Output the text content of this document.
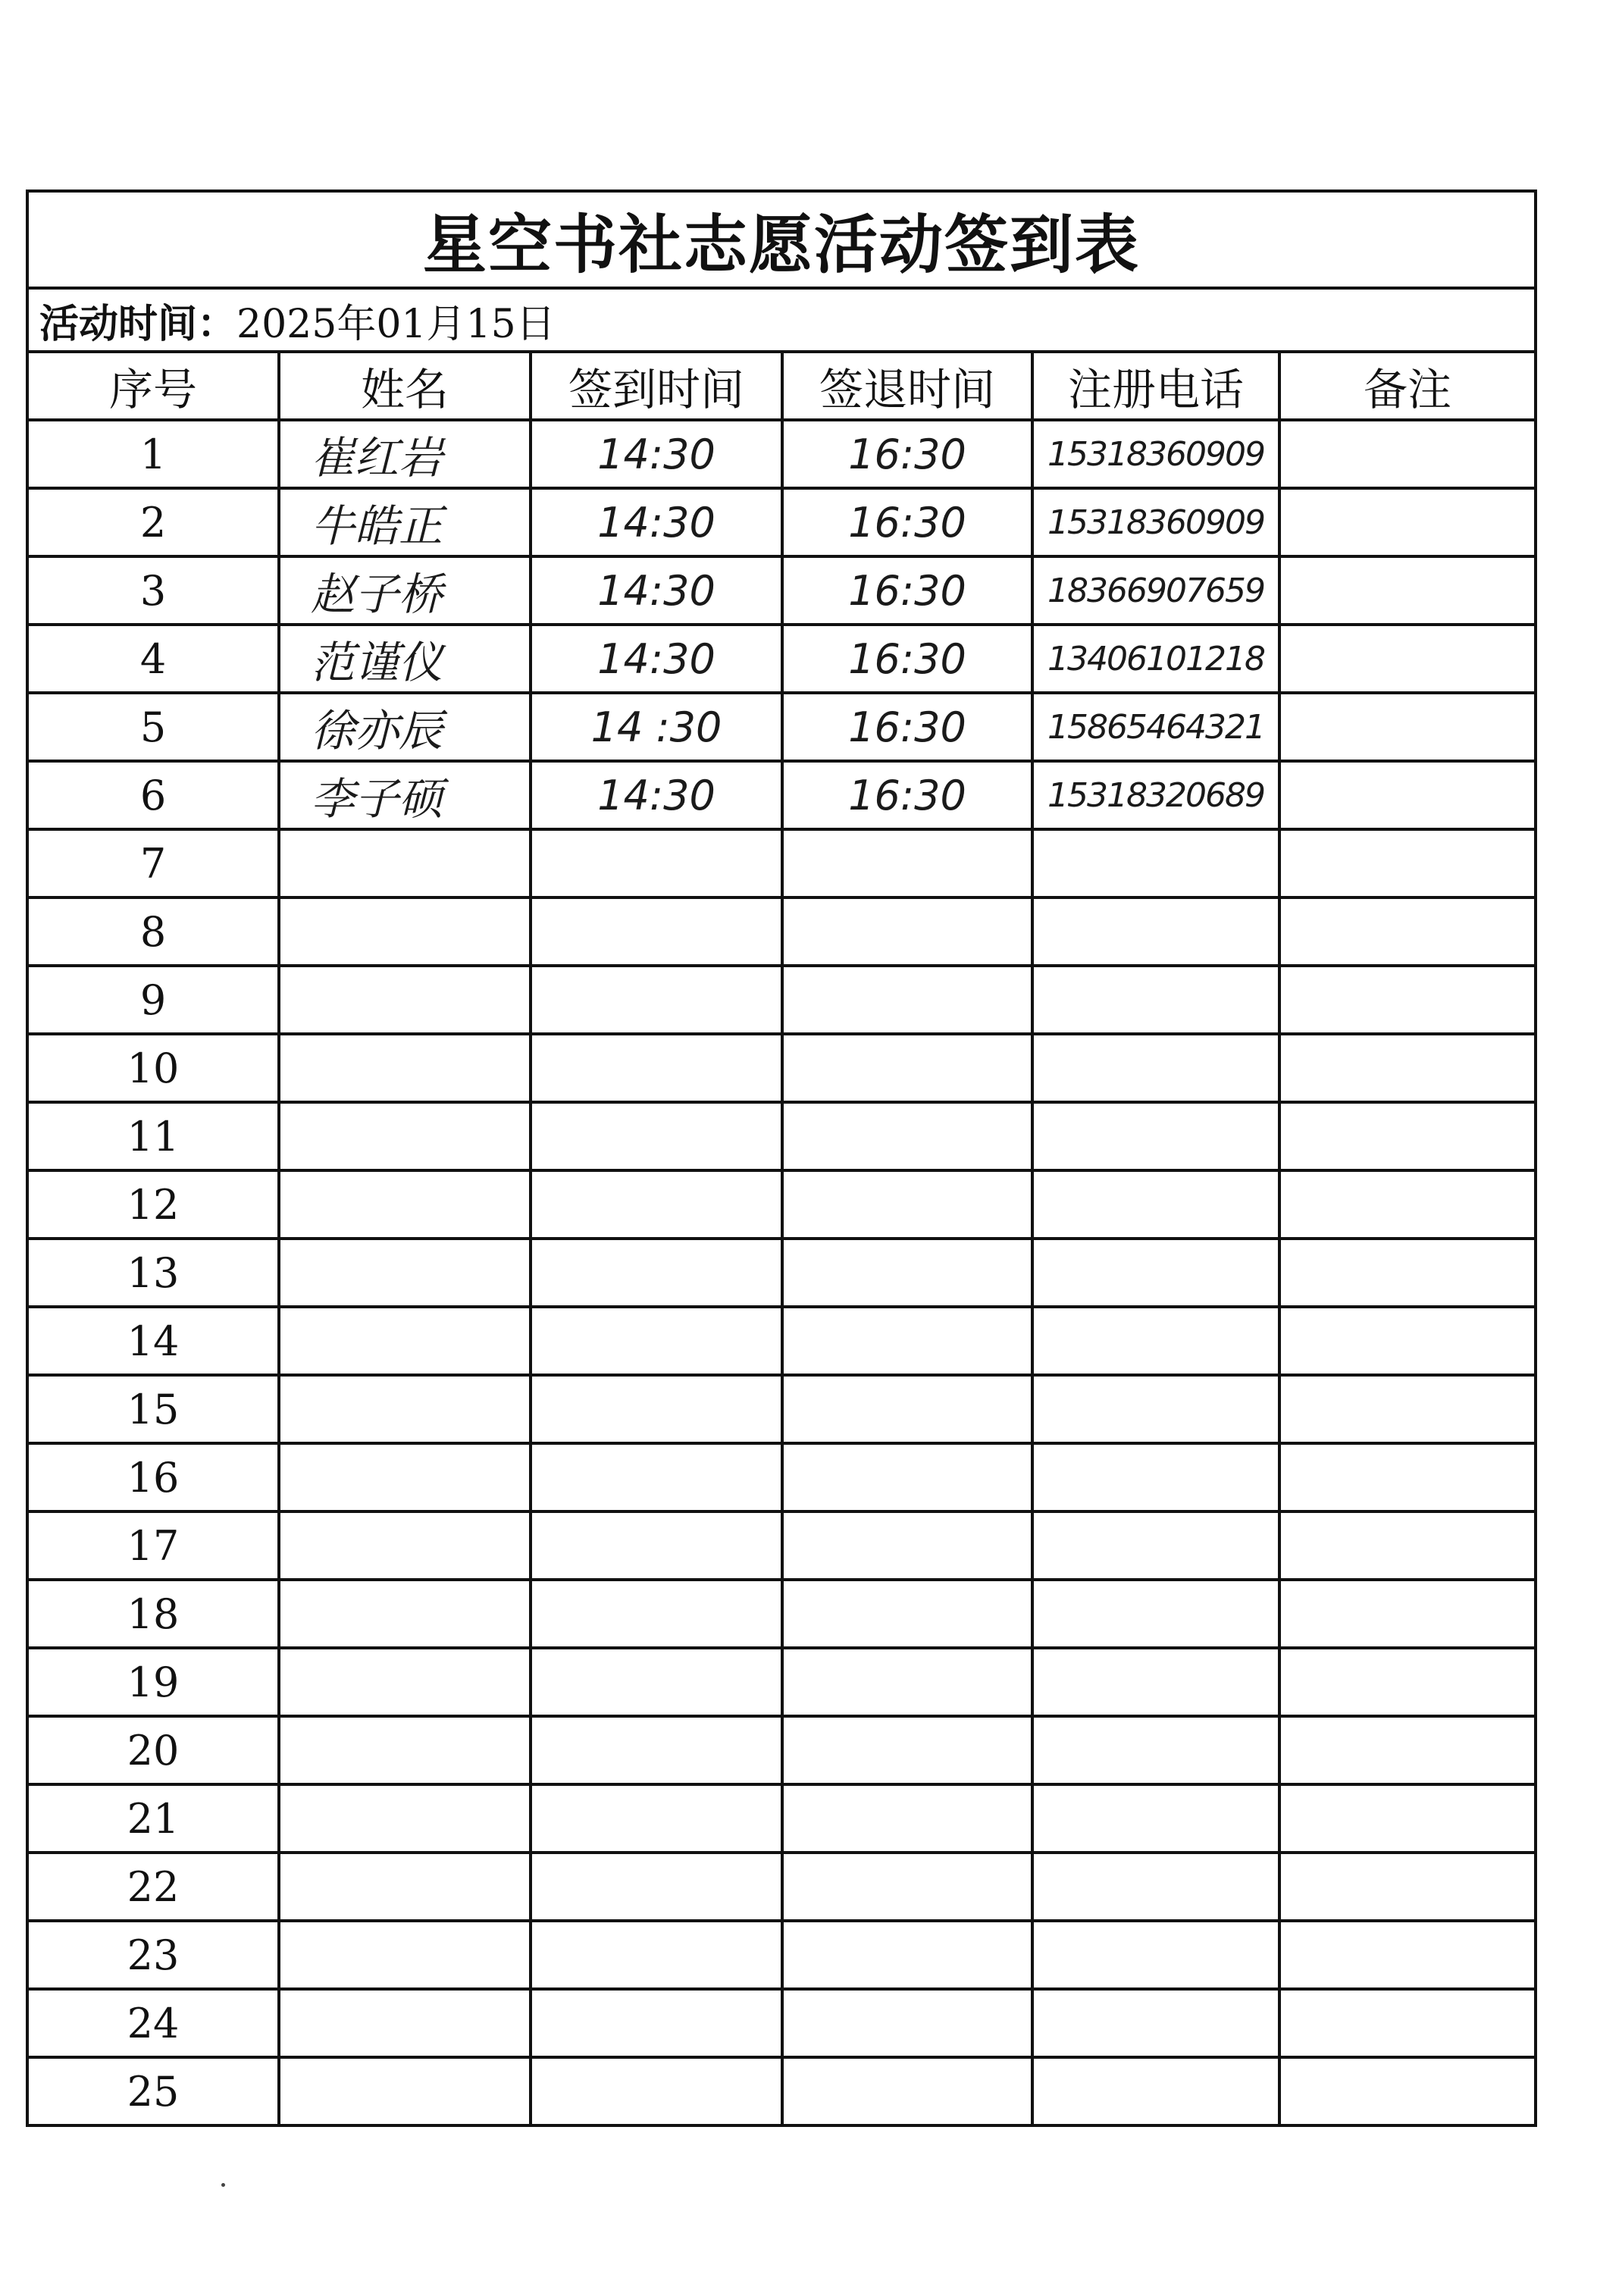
星空书社志愿活动签到表					
活动时间：2025年01月15日					
序号	姓名	签到时间	签退时间	注册电话	备注
1	崔红岩	14:30	16:30	15318360909	
2	牛皓正	14:30	16:30	15318360909	
3	赵子桥	14:30	16:30	18366907659	
4	范谨仪	14:30	16:30	13406101218	
5	徐亦辰	14 :30	16:30	15865464321	
6	李子硕	14:30	16:30	15318320689	
7					
8					
9					
10					
11					
12					
13					
14					
15					
16					
17					
18					
19					
20					
21					
22					
23					
24					
25					
